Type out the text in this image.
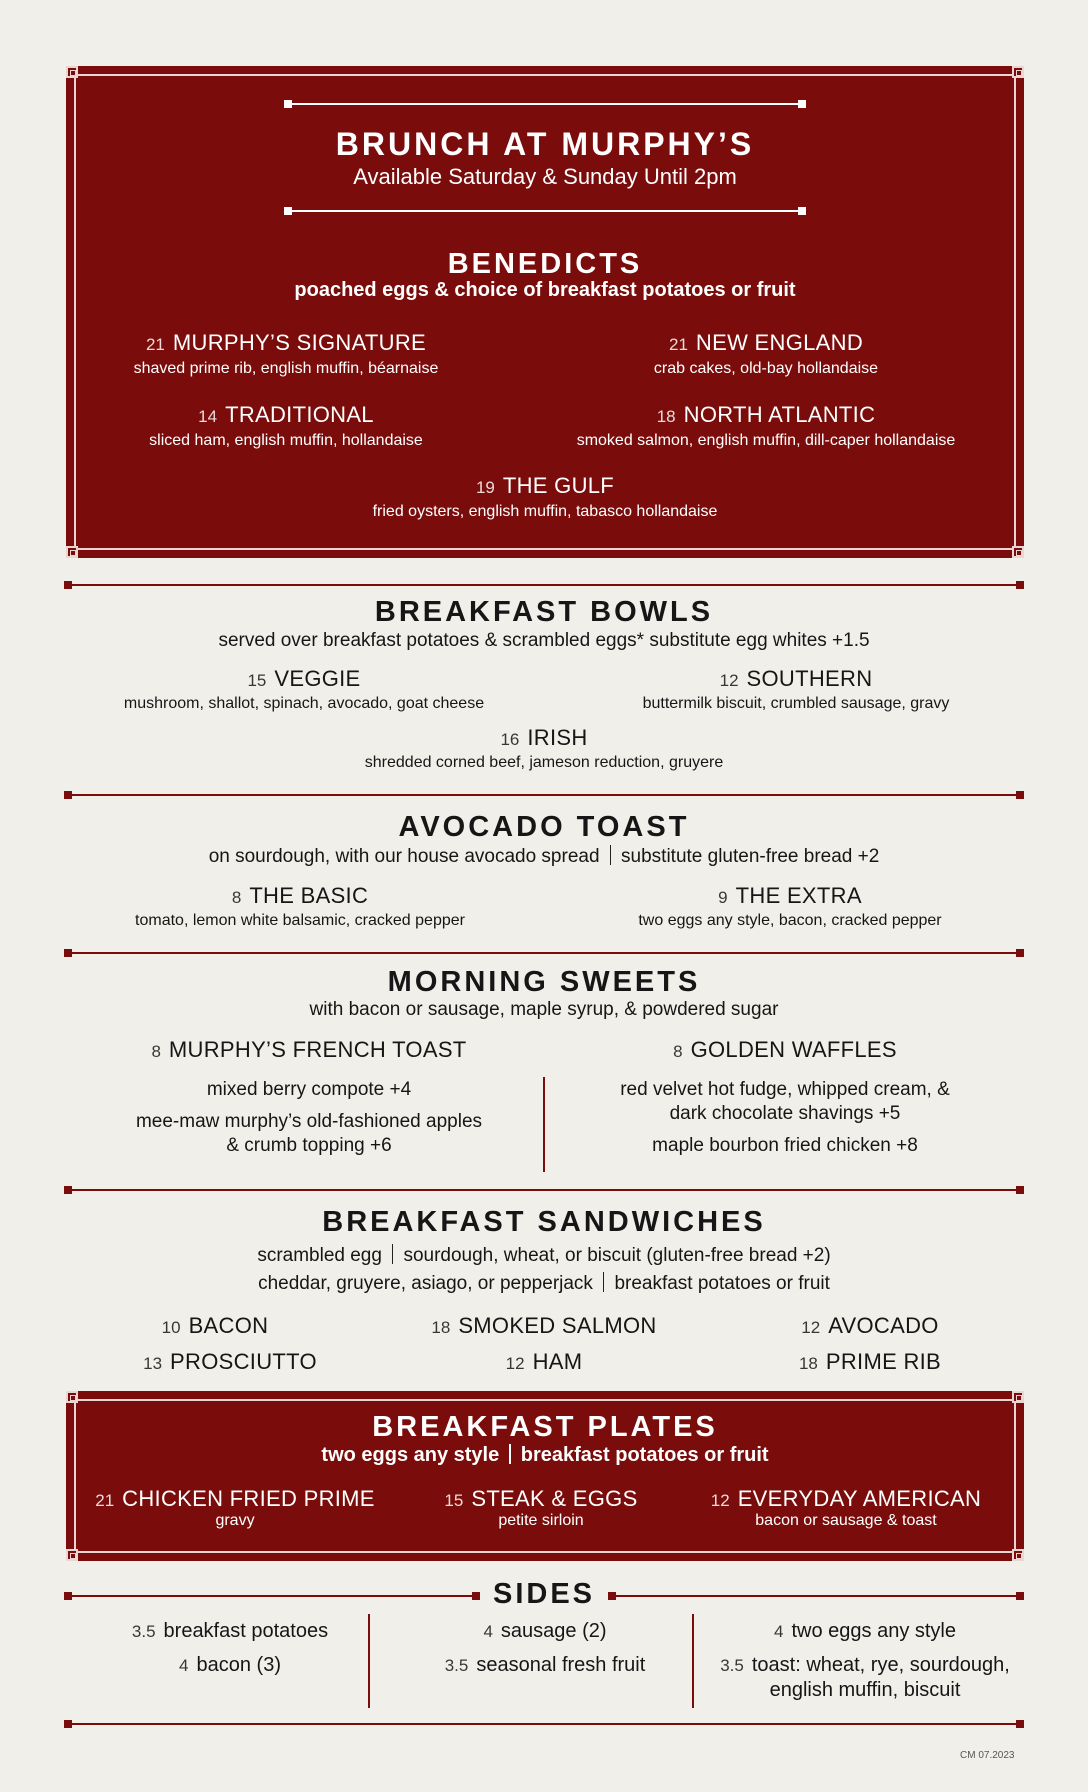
BRUNCH AT MURPHY’S
Available Saturday & Sunday Until 2pm
BENEDICTS
poached eggs & choice of breakfast potatoes or fruit
21 MURPHY’S SIGNATURE
shaved prime rib, english muffin, béarnaise
21 NEW ENGLAND
crab cakes, old-bay hollandaise
14 TRADITIONAL
sliced ham, english muffin, hollandaise
18 NORTH ATLANTIC
smoked salmon, english muffin, dill-caper hollandaise
19 THE GULF
fried oysters, english muffin, tabasco hollandaise
BREAKFAST BOWLS
served over breakfast potatoes & scrambled eggs* substitute egg whites +1.5
15 VEGGIE
mushroom, shallot, spinach, avocado, goat cheese
12 SOUTHERN
buttermilk biscuit, crumbled sausage, gravy
16 IRISH
shredded corned beef, jameson reduction, gruyere
AVOCADO TOAST
on sourdough, with our house avocado spread substitute gluten-free bread +2
8 THE BASIC
tomato, lemon white balsamic, cracked pepper
9 THE EXTRA
two eggs any style, bacon, cracked pepper
MORNING SWEETS
with bacon or sausage, maple syrup, & powdered sugar
8 MURPHY’S FRENCH TOAST
mixed berry compote +4
mee-maw murphy’s old-fashioned apples
& crumb topping +6
8 GOLDEN WAFFLES
red velvet hot fudge, whipped cream, &
dark chocolate shavings +5
maple bourbon fried chicken +8
BREAKFAST SANDWICHES
scrambled egg sourdough, wheat, or biscuit (gluten-free bread +2)
cheddar, gruyere, asiago, or pepperjack breakfast potatoes or fruit
10 BACON	18 SMOKED SALMON	12 AVOCADO
13 PROSCIUTTO	12 HAM	18 PRIME RIB
BREAKFAST PLATES
two eggs any style breakfast potatoes or fruit
21 CHICKEN FRIED PRIME
gravy
15 STEAK & EGGS
petite sirloin
12 EVERYDAY AMERICAN
bacon or sausage & toast
SIDES
3.5 breakfast potatoes
4 bacon (3)
4 sausage (2)
3.5 seasonal fresh fruit
4 two eggs any style
3.5 toast: wheat, rye, sourdough,
english muffin, biscuit
CM 07.2023
